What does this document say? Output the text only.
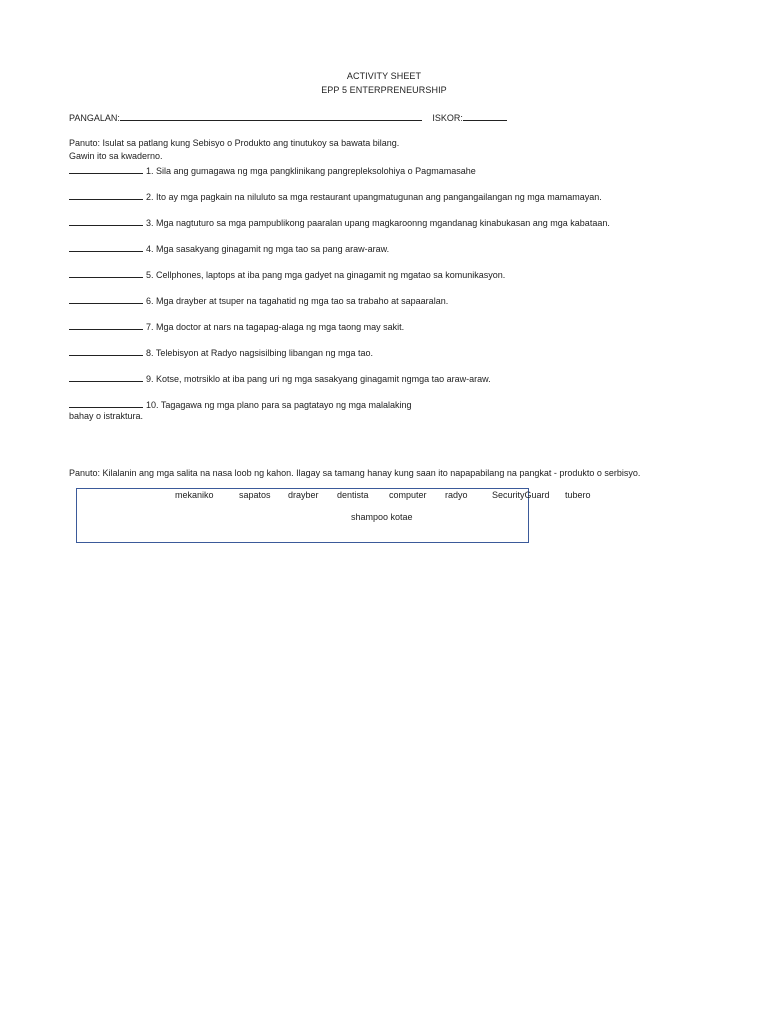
ACTIVITY SHEET
EPP 5 ENTERPRENEURSHIP
PANGALAN:	ISKOR:
Panuto: Isulat sa patlang kung Sebisyo o Produkto ang tinutukoy sa bawata bilang.
Gawin ito sa kwaderno.
1. Sila ang gumagawa ng mga pangklinikang pangrepleksolohiya o Pagmamasahe
2. Ito ay mga pagkain na niluluto sa mga restaurant upangmatugunan ang pangangailangan ng mga mamamayan.
3. Mga nagtuturo sa mga pampublikong paaralan upang magkaroonng mgandanag kinabukasan ang mga kabataan.
4. Mga sasakyang ginagamit ng mga tao sa pang araw-araw.
5. Cellphones, laptops at iba pang mga gadyet na ginagamit ng mgatao sa komunikasyon.
6. Mga drayber at tsuper na tagahatid ng mga tao sa trabaho at sapaaralan.
7. Mga doctor at nars na tagapag-alaga ng mga taong may sakit.
8. Telebisyon at Radyo nagsisilbing libangan ng mga tao.
9. Kotse, motrsiklo at iba pang uri ng mga sasakyang ginagamit ngmga tao araw-araw.
10. Tagagawa ng mga plano para sa pagtatayo ng mga malalaking
bahay o istraktura.
Panuto: Kilalanin ang mga salita na nasa loob ng kahon. Ilagay sa tamang hanay kung saan ito napapabilang na pangkat - produkto o serbisyo.
mekaniko	sapatos drayber dentista computer radyo	SecurityGuard tubero
shampoo kotae
